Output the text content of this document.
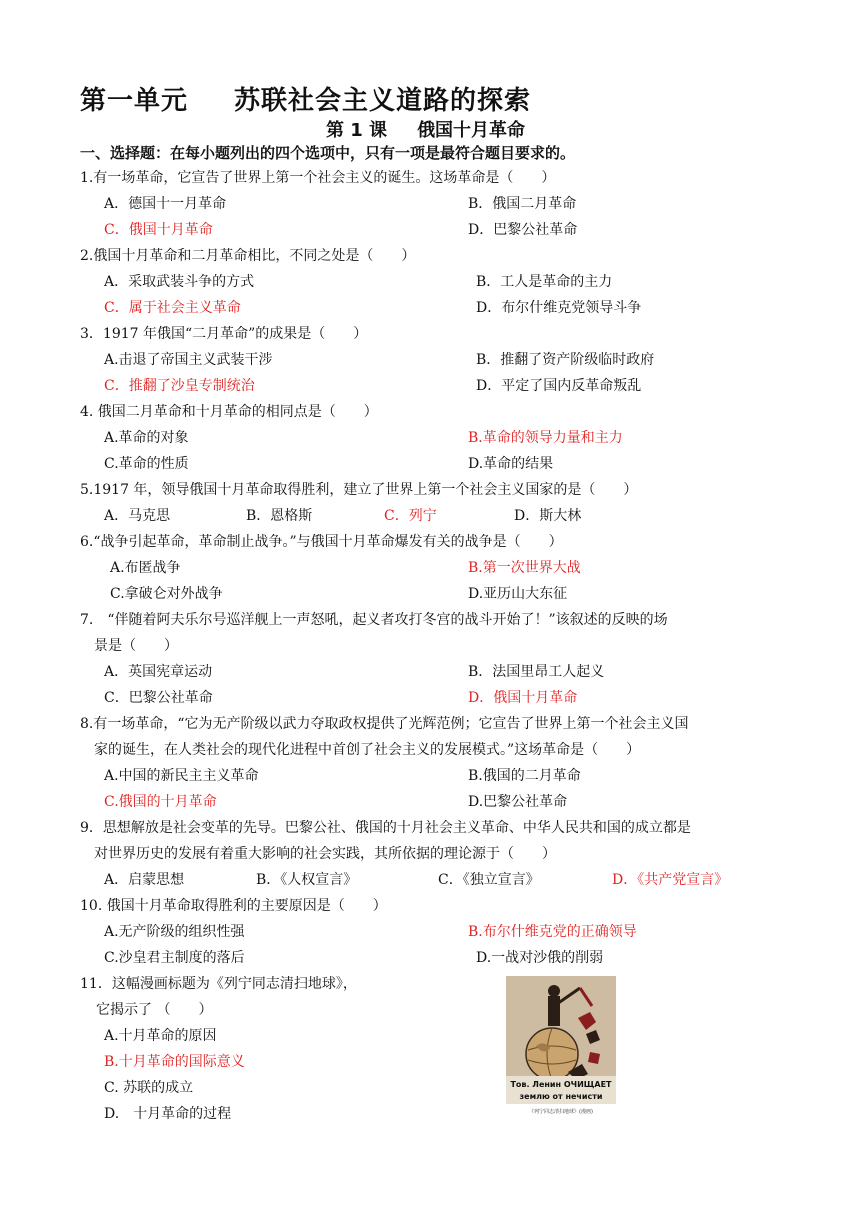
第一单元 苏联社会主义道路的探索
第 1 课 俄国十月革命
一、选择题：在每小题列出的四个选项中，只有一项是最符合题目要求的。
1.有一场革命，它宣告了世界上第一个社会主义的诞生。这场革命是（　　）
A．德国十一月革命	B．俄国二月革命
C．俄国十月革命	D．巴黎公社革命
2.俄国十月革命和二月革命相比，不同之处是（　　）
A．采取武装斗争的方式	B．工人是革命的主力
C．属于社会主义革命	D．布尔什维克党领导斗争
3．1917 年俄国“二月革命”的成果是（　　）
A.击退了帝国主义武装干涉	B．推翻了资产阶级临时政府
C．推翻了沙皇专制统治	D．平定了国内反革命叛乱
4. 俄国二月革命和十月革命的相同点是（　　）
A.革命的对象	B.革命的领导力量和主力
C.革命的性质	D.革命的结果
5.1917 年，领导俄国十月革命取得胜利，建立了世界上第一个社会主义国家的是（　　）
A．马克思	B．恩格斯	C．列宁	D．斯大林
6.“战争引起革命，革命制止战争。”与俄国十月革命爆发有关的战争是（　　）
A.布匿战争	B.第一次世界大战
C.拿破仑对外战争	D.亚历山大东征
7.　“伴随着阿夫乐尔号巡洋舰上一声怒吼，起义者攻打冬宫的战斗开始了！”该叙述的反映的场
景是（　　）
A．英国宪章运动	B．法国里昂工人起义
C．巴黎公社革命	D．俄国十月革命
8.有一场革命，“它为无产阶级以武力夺取政权提供了光辉范例；它宣告了世界上第一个社会主义国
家的诞生，在人类社会的现代化进程中首创了社会主义的发展模式。”这场革命是（　　）
A.中国的新民主主义革命	B.俄国的二月革命
C.俄国的十月革命	D.巴黎公社革命
9．思想解放是社会变革的先导。巴黎公社、俄国的十月社会主义革命、中华人民共和国的成立都是
对世界历史的发展有着重大影响的社会实践，其所依据的理论源于（　　）
A．启蒙思想	B．《人权宣言》	C．《独立宣言》	D．《共产党宣言》
10. 俄国十月革命取得胜利的主要原因是（　　）
A.无产阶级的组织性强	B.布尔什维克党的正确领导
C.沙皇君主制度的落后	D.一战对沙俄的削弱
11．这幅漫画标题为《列宁同志清扫地球》，
它揭示了 （　　）
A.十月革命的原因
B.十月革命的国际意义
C. 苏联的成立
D.　十月革命的过程
Тов. Ленин ОЧИЩАЕТ
землю от нечисти
《列宁同志清扫地球》(漫画)
